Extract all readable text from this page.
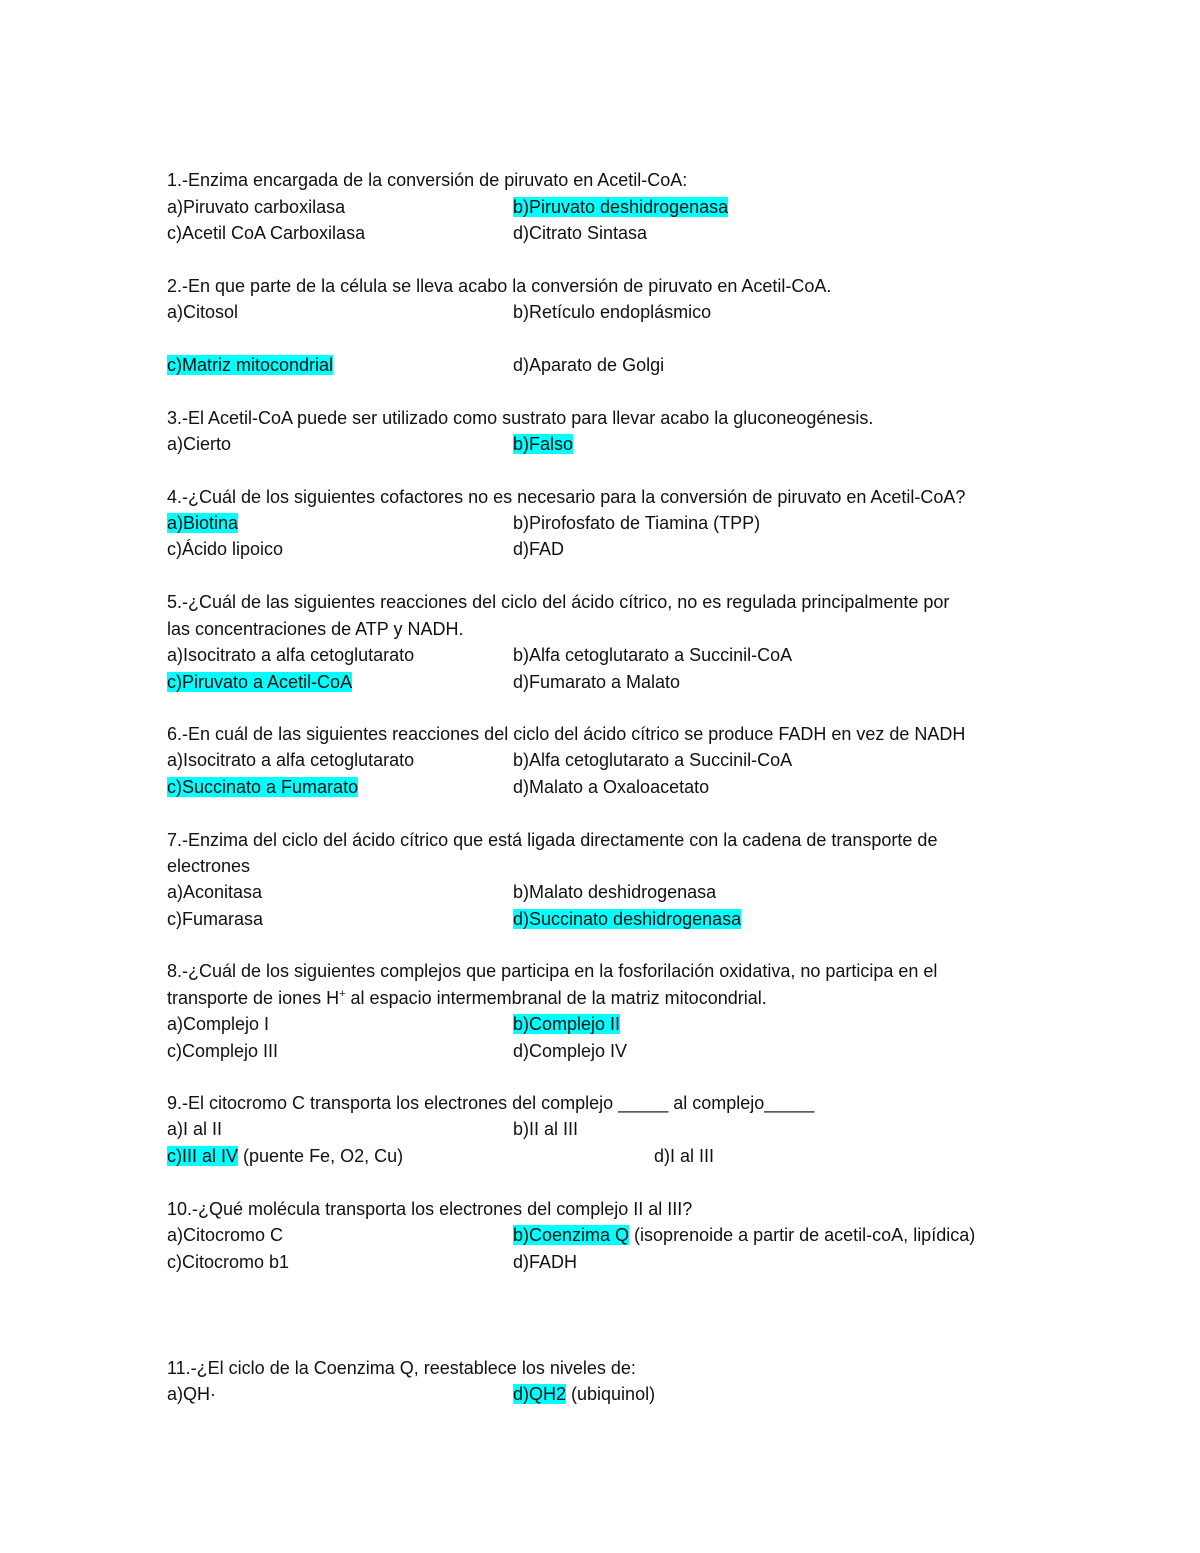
1.-Enzima encargada de la conversión de piruvato en Acetil-CoA:
a)Piruvato carboxilasa	b)Piruvato deshidrogenasa
c)Acetil CoA Carboxilasa	d)Citrato Sintasa
2.-En que parte de la célula se lleva acabo la conversión de piruvato en Acetil-CoA.
a)Citosol	b)Retículo endoplásmico
c)Matriz mitocondrial	d)Aparato de Golgi
3.-El Acetil-CoA puede ser utilizado como sustrato para llevar acabo la gluconeogénesis.
a)Cierto	b)Falso
4.-¿Cuál de los siguientes cofactores no es necesario para la conversión de piruvato en Acetil-CoA?
a)Biotina	b)Pirofosfato de Tiamina (TPP)
c)Ácido lipoico	d)FAD
5.-¿Cuál de las siguientes reacciones del ciclo del ácido cítrico, no es regulada principalmente por
las concentraciones de ATP y NADH.
a)Isocitrato a alfa cetoglutarato	b)Alfa cetoglutarato a Succinil-CoA
c)Piruvato a Acetil-CoA	d)Fumarato a Malato
6.-En cuál de las siguientes reacciones del ciclo del ácido cítrico se produce FADH en vez de NADH
a)Isocitrato a alfa cetoglutarato	b)Alfa cetoglutarato a Succinil-CoA
c)Succinato a Fumarato	d)Malato a Oxaloacetato
7.-Enzima del ciclo del ácido cítrico que está ligada directamente con la cadena de transporte de
electrones
a)Aconitasa	b)Malato deshidrogenasa
c)Fumarasa	d)Succinato deshidrogenasa
8.-¿Cuál de los siguientes complejos que participa en la fosforilación oxidativa, no participa en el
transporte de iones H+ al espacio intermembranal de la matriz mitocondrial.
a)Complejo I	b)Complejo II
c)Complejo III	d)Complejo IV
9.-El citocromo C transporta los electrones del complejo _____ al complejo_____
a)I al II	b)II al III
c)III al IV (puente Fe, O2, Cu)	d)I al III
10.-¿Qué molécula transporta los electrones del complejo II al III?
a)Citocromo C	b)Coenzima Q (isoprenoide a partir de acetil-coA, lipídica)
c)Citocromo b1	d)FADH
11.-¿El ciclo de la Coenzima Q, reestablece los niveles de:
a)QH·	d)QH2 (ubiquinol)
